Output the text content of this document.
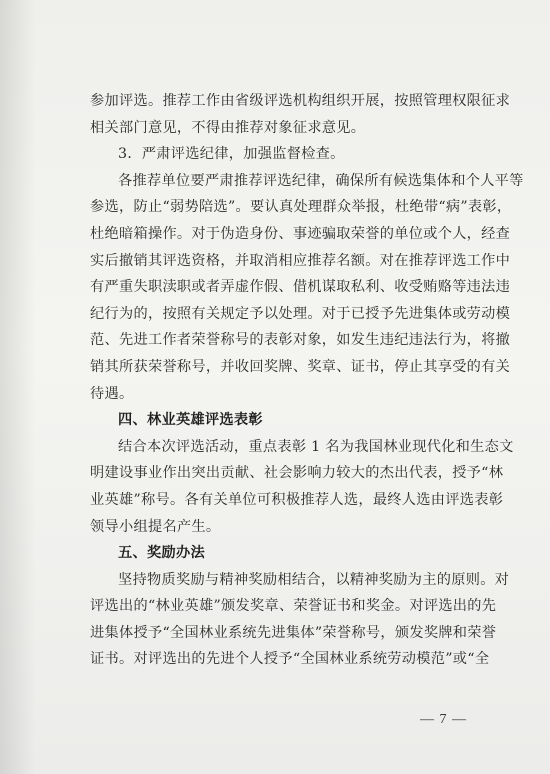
参加评选。推荐工作由省级评选机构组织开展，按照管理权限征求
相关部门意见，不得由推荐对象征求意见。
3．严肃评选纪律，加强监督检查。
各推荐单位要严肃推荐评选纪律，确保所有候选集体和个人平等
参选，防止“弱势陪选”。要认真处理群众举报，杜绝带“病”表彰，
杜绝暗箱操作。对于伪造身份、事迹骗取荣誉的单位或个人，经查
实后撤销其评选资格，并取消相应推荐名额。对在推荐评选工作中
有严重失职渎职或者弄虚作假、借机谋取私利、收受贿赂等违法违
纪行为的，按照有关规定予以处理。对于已授予先进集体或劳动模
范、先进工作者荣誉称号的表彰对象，如发生违纪违法行为，将撤
销其所获荣誉称号，并收回奖牌、奖章、证书，停止其享受的有关
待遇。
四、林业英雄评选表彰
结合本次评选活动，重点表彰 1 名为我国林业现代化和生态文
明建设事业作出突出贡献、社会影响力较大的杰出代表，授予“林
业英雄”称号。各有关单位可积极推荐人选，最终人选由评选表彰
领导小组提名产生。
五、奖励办法
坚持物质奖励与精神奖励相结合，以精神奖励为主的原则。对
评选出的“林业英雄”颁发奖章、荣誉证书和奖金。对评选出的先
进集体授予“全国林业系统先进集体”荣誉称号，颁发奖牌和荣誉
证书。对评选出的先进个人授予“全国林业系统劳动模范”或“全
— 7 —
